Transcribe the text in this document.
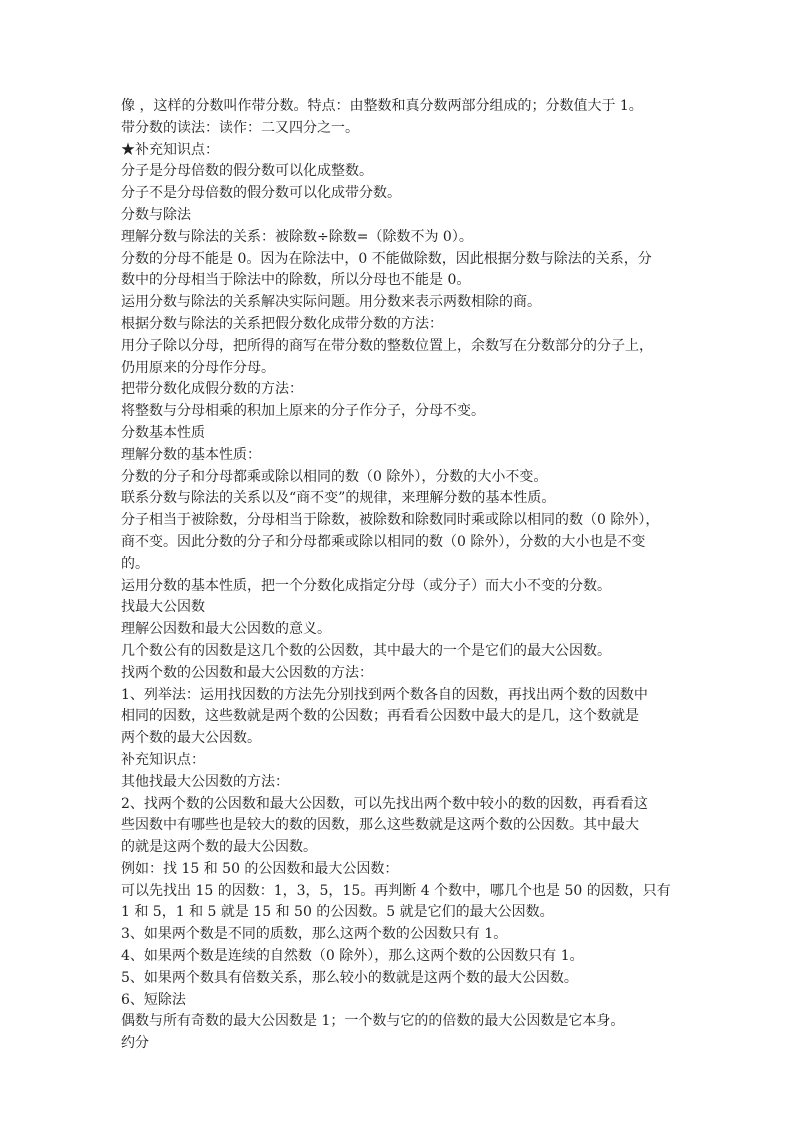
像 ，这样的分数叫作带分数。特点：由整数和真分数两部分组成的；分数值大于 1。
带分数的读法：读作：二又四分之一。
★补充知识点：
分子是分母倍数的假分数可以化成整数。
分子不是分母倍数的假分数可以化成带分数。
分数与除法
理解分数与除法的关系：被除数÷除数=（除数不为 0）。
分数的分母不能是 0。因为在除法中，0 不能做除数，因此根据分数与除法的关系，分
数中的分母相当于除法中的除数，所以分母也不能是 0。
运用分数与除法的关系解决实际问题。用分数来表示两数相除的商。
根据分数与除法的关系把假分数化成带分数的方法：
用分子除以分母，把所得的商写在带分数的整数位置上，余数写在分数部分的分子上，
仍用原来的分母作分母。
把带分数化成假分数的方法：
将整数与分母相乘的积加上原来的分子作分子，分母不变。
分数基本性质
理解分数的基本性质：
分数的分子和分母都乘或除以相同的数（0 除外），分数的大小不变。
联系分数与除法的关系以及“商不变”的规律，来理解分数的基本性质。
分子相当于被除数，分母相当于除数，被除数和除数同时乘或除以相同的数（0 除外），
商不变。因此分数的分子和分母都乘或除以相同的数（0 除外），分数的大小也是不变
的。
运用分数的基本性质，把一个分数化成指定分母（或分子）而大小不变的分数。
找最大公因数
理解公因数和最大公因数的意义。
几个数公有的因数是这几个数的公因数，其中最大的一个是它们的最大公因数。
找两个数的公因数和最大公因数的方法：
1、列举法：运用找因数的方法先分别找到两个数各自的因数，再找出两个数的因数中
相同的因数，这些数就是两个数的公因数；再看看公因数中最大的是几，这个数就是
两个数的最大公因数。
补充知识点：
其他找最大公因数的方法：
2、找两个数的公因数和最大公因数，可以先找出两个数中较小的数的因数，再看看这
些因数中有哪些也是较大的数的因数，那么这些数就是这两个数的公因数。其中最大
的就是这两个数的最大公因数。
例如：找 15 和 50 的公因数和最大公因数：
可以先找出 15 的因数：1，3，5，15。再判断 4 个数中，哪几个也是 50 的因数，只有
1 和 5，1 和 5 就是 15 和 50 的公因数。5 就是它们的最大公因数。
3、如果两个数是不同的质数，那么这两个数的公因数只有 1。
4、如果两个数是连续的自然数（0 除外），那么这两个数的公因数只有 1。
5、如果两个数具有倍数关系，那么较小的数就是这两个数的最大公因数。
6、短除法
偶数与所有奇数的最大公因数是 1；一个数与它的的倍数的最大公因数是它本身。
约分
